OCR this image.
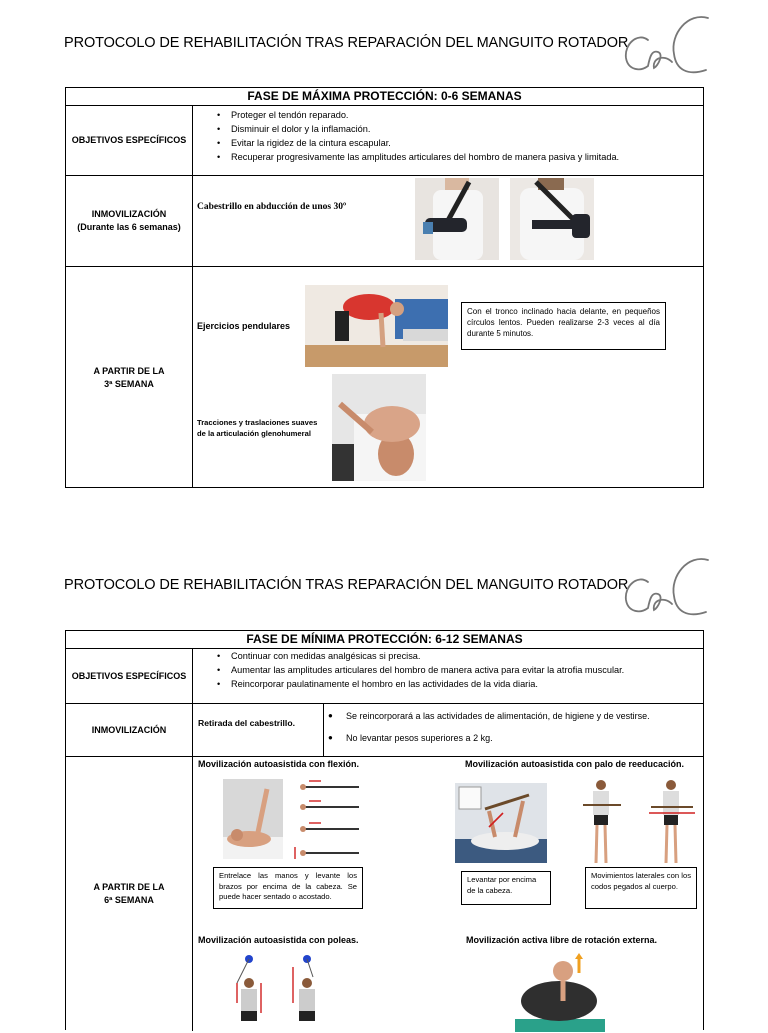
PROTOCOLO DE REHABILITACIÓN TRAS REPARACIÓN DEL MANGUITO ROTADOR
FASE DE MÁXIMA PROTECCIÓN: 0-6 SEMANAS
OBJETIVOS ESPECÍFICOS
• Proteger el tendón reparado.
• Disminuir el dolor y la inflamación.
• Evitar la rigidez de la cintura escapular.
• Recuperar progresivamente las amplitudes articulares del hombro de manera pasiva y limitada.
INMOVILIZACIÓN
(Durante las 6 semanas)
Cabestrillo en abducción de unos 30º
A PARTIR DE LA
3ª SEMANA
Ejercicios pendulares
Con el tronco inclinado hacia delante, en pequeños círculos lentos. Pueden realizarse 2-3 veces al día durante 5 minutos.
Tracciones y traslaciones suaves
de la articulación glenohumeral
PROTOCOLO DE REHABILITACIÓN TRAS REPARACIÓN DEL MANGUITO ROTADOR
FASE DE MÍNIMA PROTECCIÓN: 6-12 SEMANAS
OBJETIVOS ESPECÍFICOS
• Continuar con medidas analgésicas si precisa.
• Aumentar las amplitudes articulares del hombro de manera activa para evitar la atrofia muscular.
• Reincorporar paulatinamente el hombro en las actividades de la vida diaria.
INMOVILIZACIÓN
Retirada del cabestrillo.
● Se reincorporará a las actividades de alimentación, de higiene y de vestirse.
● No levantar pesos superiores a 2 kg.
A PARTIR DE LA
6ª SEMANA
Movilización autoasistida con flexión.	Movilización autoasistida con palo de reeducación.
Entrelace las manos y levante los brazos por encima de la cabeza. Se puede hacer sentado o acostado.
Levantar por encima de la cabeza.
Movimientos laterales con los codos pegados al cuerpo.
Movilización autoasistida con poleas.	Movilización activa libre de rotación externa.
